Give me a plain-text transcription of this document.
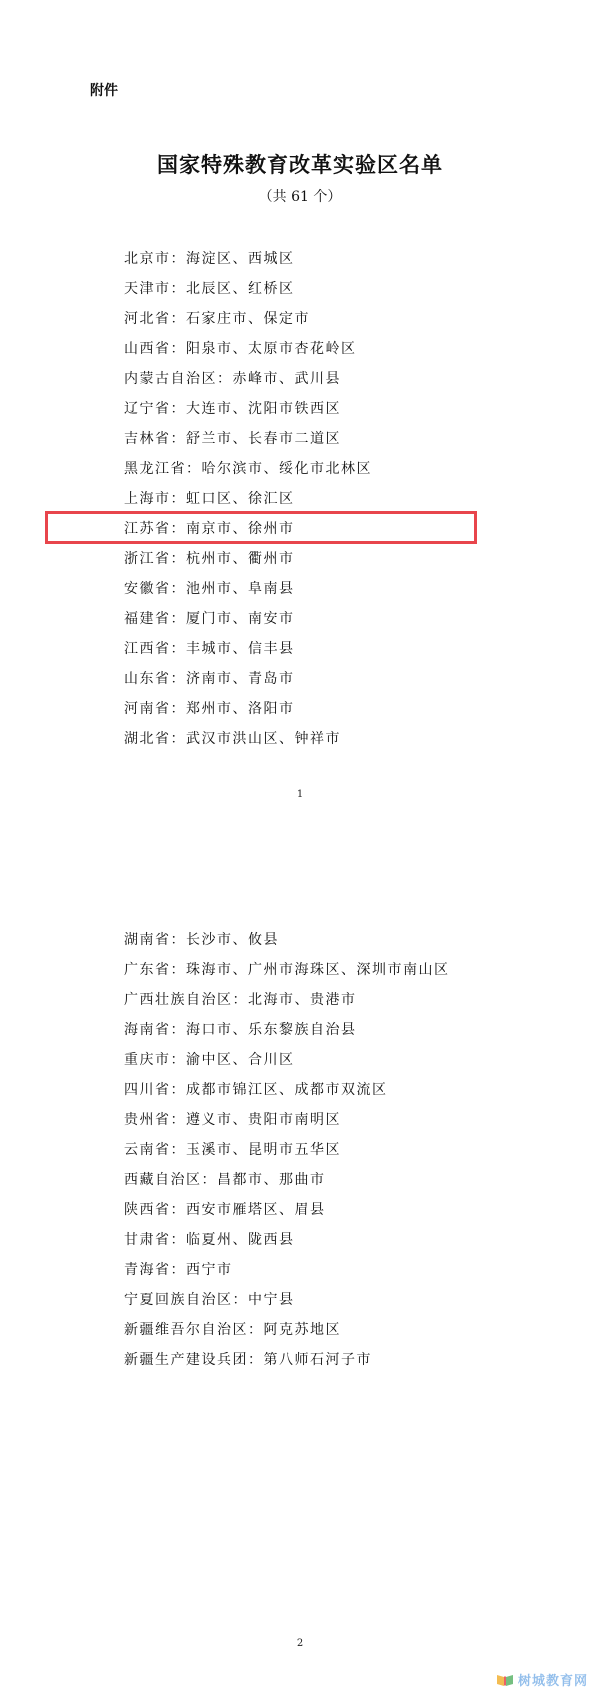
附件
国家特殊教育改革实验区名单
（共 61 个）
北京市：海淀区、西城区
天津市：北辰区、红桥区
河北省：石家庄市、保定市
山西省：阳泉市、太原市杏花岭区
内蒙古自治区：赤峰市、武川县
辽宁省：大连市、沈阳市铁西区
吉林省：舒兰市、长春市二道区
黑龙江省：哈尔滨市、绥化市北林区
上海市：虹口区、徐汇区
江苏省：南京市、徐州市
浙江省：杭州市、衢州市
安徽省：池州市、阜南县
福建省：厦门市、南安市
江西省：丰城市、信丰县
山东省：济南市、青岛市
河南省：郑州市、洛阳市
湖北省：武汉市洪山区、钟祥市
1
湖南省：长沙市、攸县
广东省：珠海市、广州市海珠区、深圳市南山区
广西壮族自治区：北海市、贵港市
海南省：海口市、乐东黎族自治县
重庆市：渝中区、合川区
四川省：成都市锦江区、成都市双流区
贵州省：遵义市、贵阳市南明区
云南省：玉溪市、昆明市五华区
西藏自治区：昌都市、那曲市
陕西省：西安市雁塔区、眉县
甘肃省：临夏州、陇西县
青海省：西宁市
宁夏回族自治区：中宁县
新疆维吾尔自治区：阿克苏地区
新疆生产建设兵团：第八师石河子市
2
树城教育网
